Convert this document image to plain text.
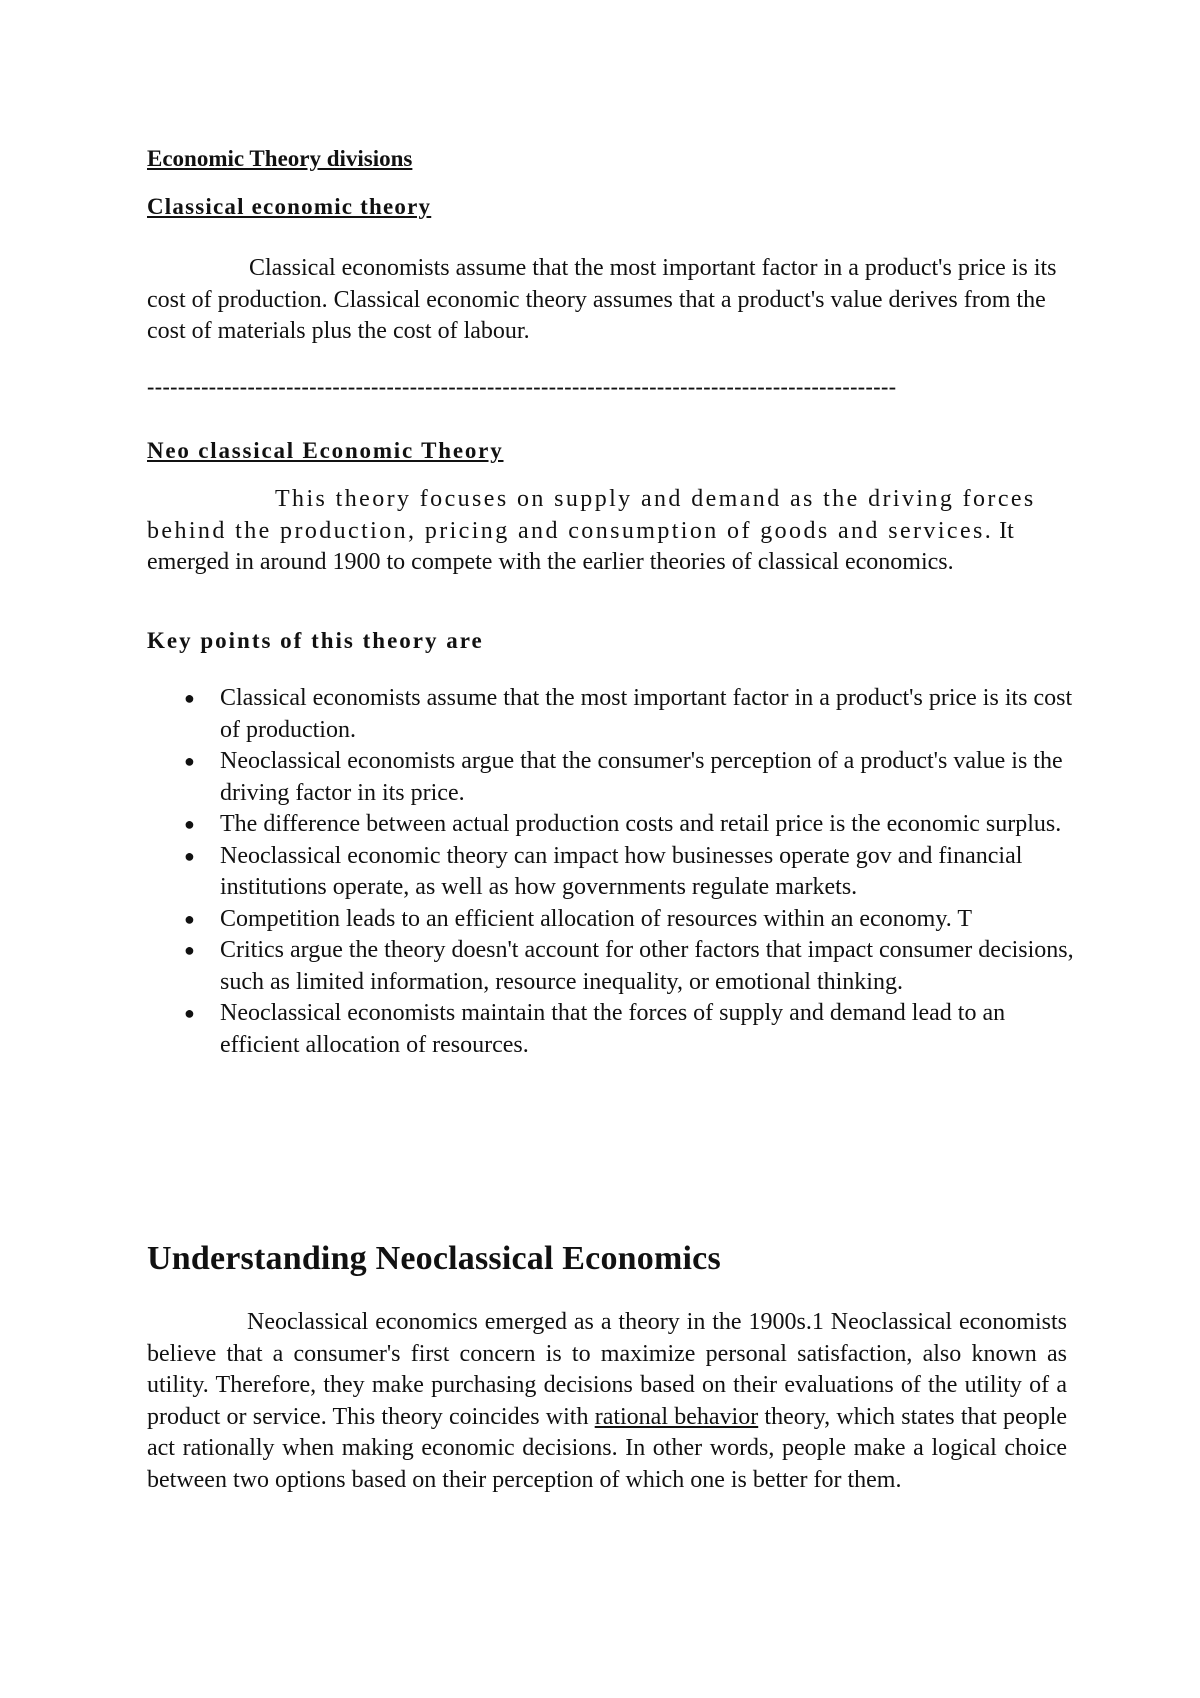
Economic Theory divisions

Classical economic theory

Classical economists assume that the most important factor in a product's price is its cost of production. Classical economic theory assumes that a product's value derives from the cost of materials plus the cost of labour.

-------------------------------------------------------------------------------------------------

Neo classical Economic Theory

This theory focuses on supply and demand as the driving forces behind the production, pricing and consumption of goods and services. It emerged in around 1900 to compete with the earlier theories of classical economics.

Key points of this theory are

● Classical economists assume that the most important factor in a product's price is its cost of production.
● Neoclassical economists argue that the consumer's perception of a product's value is the driving factor in its price.
● The difference between actual production costs and retail price is the economic surplus.
● Neoclassical economic theory can impact how businesses operate gov and financial institutions operate, as well as how governments regulate markets.
● Competition leads to an efficient allocation of resources within an economy. T
● Critics argue the theory doesn't account for other factors that impact consumer decisions, such as limited information, resource inequality, or emotional thinking.
● Neoclassical economists maintain that the forces of supply and demand lead to an efficient allocation of resources.
Understanding Neoclassical Economics

Neoclassical economics emerged as a theory in the 1900s.1 Neoclassical economists believe that a consumer's first concern is to maximize personal satisfaction, also known as utility. Therefore, they make purchasing decisions based on their evaluations of the utility of a product or service. This theory coincides with rational behavior theory, which states that people act rationally when making economic decisions. In other words, people make a logical choice between two options based on their perception of which one is better for them.
